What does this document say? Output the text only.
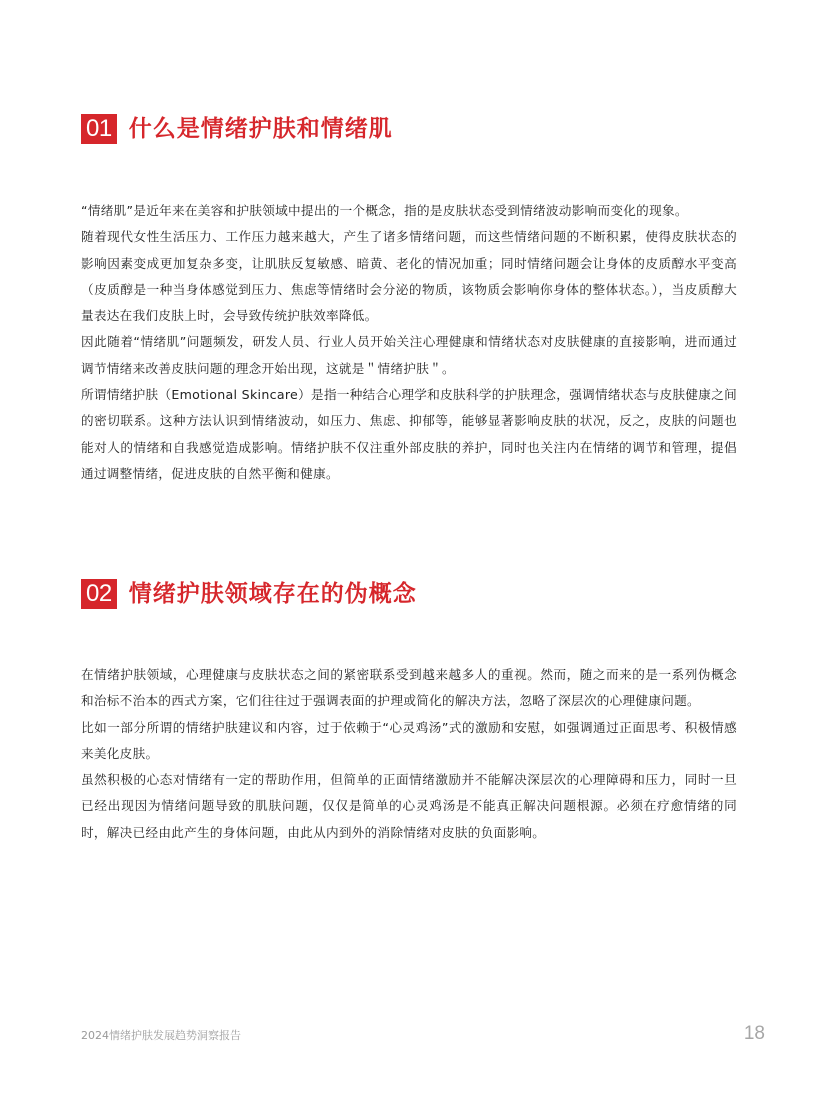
01 什么是情绪护肤和情绪肌

“情绪肌”是近年来在美容和护肤领域中提出的一个概念，指的是皮肤状态受到情绪波动影响而变化的现象。

随着现代女性生活压力、工作压力越来越大，产生了诸多情绪问题，而这些情绪问题的不断积累，使得皮肤状态的影响因素变成更加复杂多变，让肌肤反复敏感、暗黄、老化的情况加重；同时情绪问题会让身体的皮质醇水平变高（皮质醇是一种当身体感觉到压力、焦虑等情绪时会分泌的物质，该物质会影响你身体的整体状态。），当皮质醇大量表达在我们皮肤上时，会导致传统护肤效率降低。

因此随着“情绪肌”问题频发，研发人员、行业人员开始关注心理健康和情绪状态对皮肤健康的直接影响，进而通过调节情绪来改善皮肤问题的理念开始出现，这就是＂情绪护肤＂。

所谓情绪护肤（Emotional Skincare）是指一种结合心理学和皮肤科学的护肤理念，强调情绪状态与皮肤健康之间的密切联系。这种方法认识到情绪波动，如压力、焦虑、抑郁等，能够显著影响皮肤的状况，反之，皮肤的问题也能对人的情绪和自我感觉造成影响。情绪护肤不仅注重外部皮肤的养护，同时也关注内在情绪的调节和管理，提倡通过调整情绪，促进皮肤的自然平衡和健康。

02 情绪护肤领域存在的伪概念

在情绪护肤领域，心理健康与皮肤状态之间的紧密联系受到越来越多人的重视。然而，随之而来的是一系列伪概念和治标不治本的西式方案，它们往往过于强调表面的护理或简化的解决方法，忽略了深层次的心理健康问题。

比如一部分所谓的情绪护肤建议和内容，过于依赖于“心灵鸡汤”式的激励和安慰，如强调通过正面思考、积极情感来美化皮肤。

虽然积极的心态对情绪有一定的帮助作用，但简单的正面情绪激励并不能解决深层次的心理障碍和压力，同时一旦已经出现因为情绪问题导致的肌肤问题，仅仅是简单的心灵鸡汤是不能真正解决问题根源。必须在疗愈情绪的同时，解决已经由此产生的身体问题，由此从内到外的消除情绪对皮肤的负面影响。

2024情绪护肤发展趋势洞察报告	18
